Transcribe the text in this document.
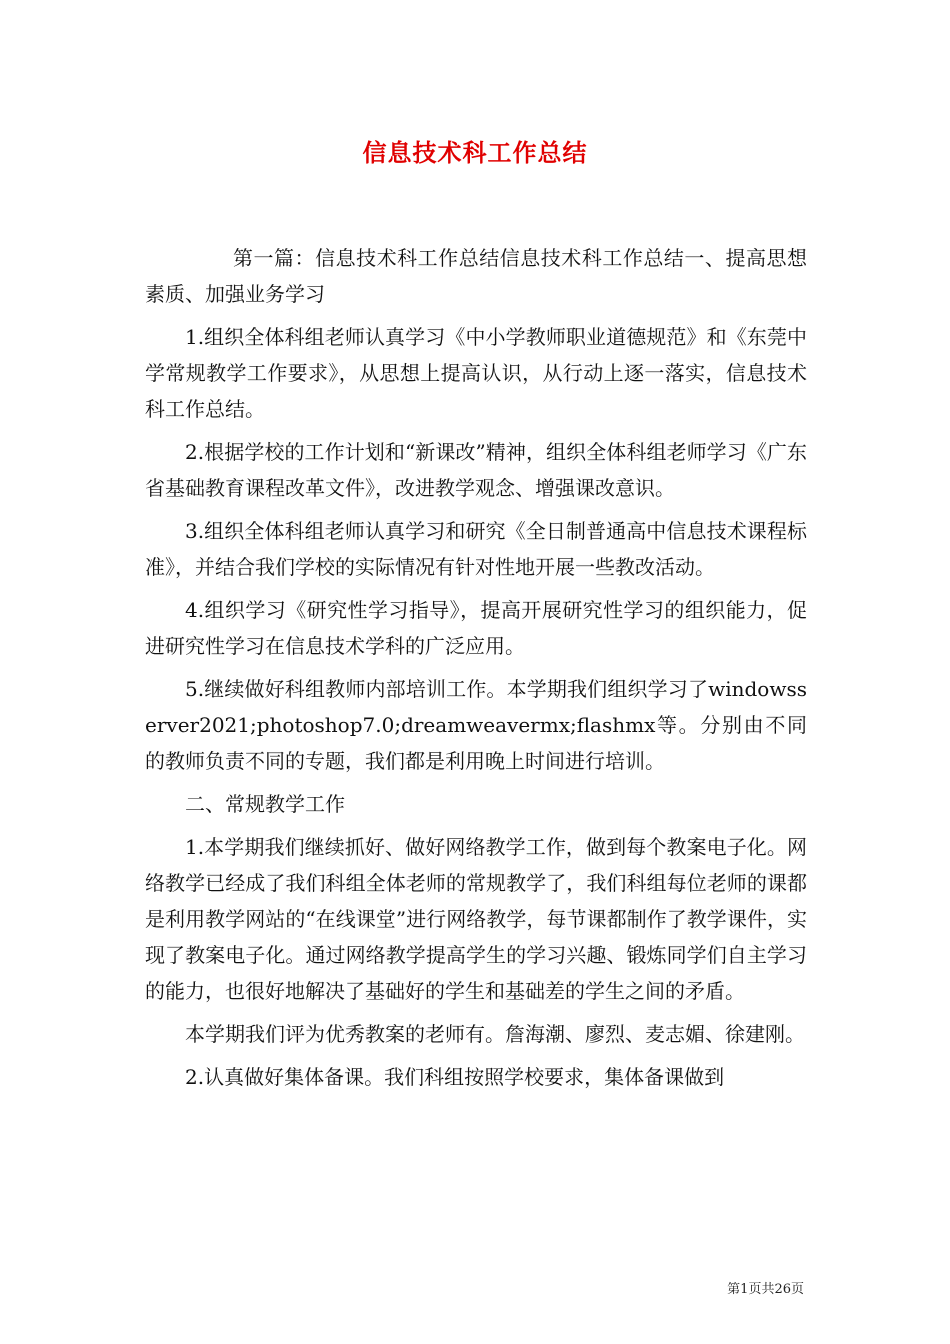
信息技术科工作总结

第一篇：信息技术科工作总结信息技术科工作总结一、提高思想素质、加强业务学习

1.组织全体科组老师认真学习《中小学教师职业道德规范》和《东莞中学常规教学工作要求》，从思想上提高认识，从行动上逐一落实，信息技术科工作总结。

2.根据学校的工作计划和“新课改”精神，组织全体科组老师学习《广东省基础教育课程改革文件》，改进教学观念、增强课改意识。

3.组织全体科组老师认真学习和研究《全日制普通高中信息技术课程标准》，并结合我们学校的实际情况有针对性地开展一些教改活动。

4.组织学习《研究性学习指导》，提高开展研究性学习的组织能力，促进研究性学习在信息技术学科的广泛应用。

5.继续做好科组教师内部培训工作。本学期我们组织学习了windowsserver2021;photoshop7.0;dreamweavermx;flashmx等。分别由不同的教师负责不同的专题，我们都是利用晚上时间进行培训。

二、常规教学工作

1.本学期我们继续抓好、做好网络教学工作，做到每个教案电子化。网络教学已经成了我们科组全体老师的常规教学了，我们科组每位老师的课都是利用教学网站的“在线课堂”进行网络教学，每节课都制作了教学课件，实现了教案电子化。通过网络教学提高学生的学习兴趣、锻炼同学们自主学习的能力，也很好地解决了基础好的学生和基础差的学生之间的矛盾。

本学期我们评为优秀教案的老师有。詹海潮、廖烈、麦志媚、徐建刚。

2.认真做好集体备课。我们科组按照学校要求，集体备课做到

第1页共26页
